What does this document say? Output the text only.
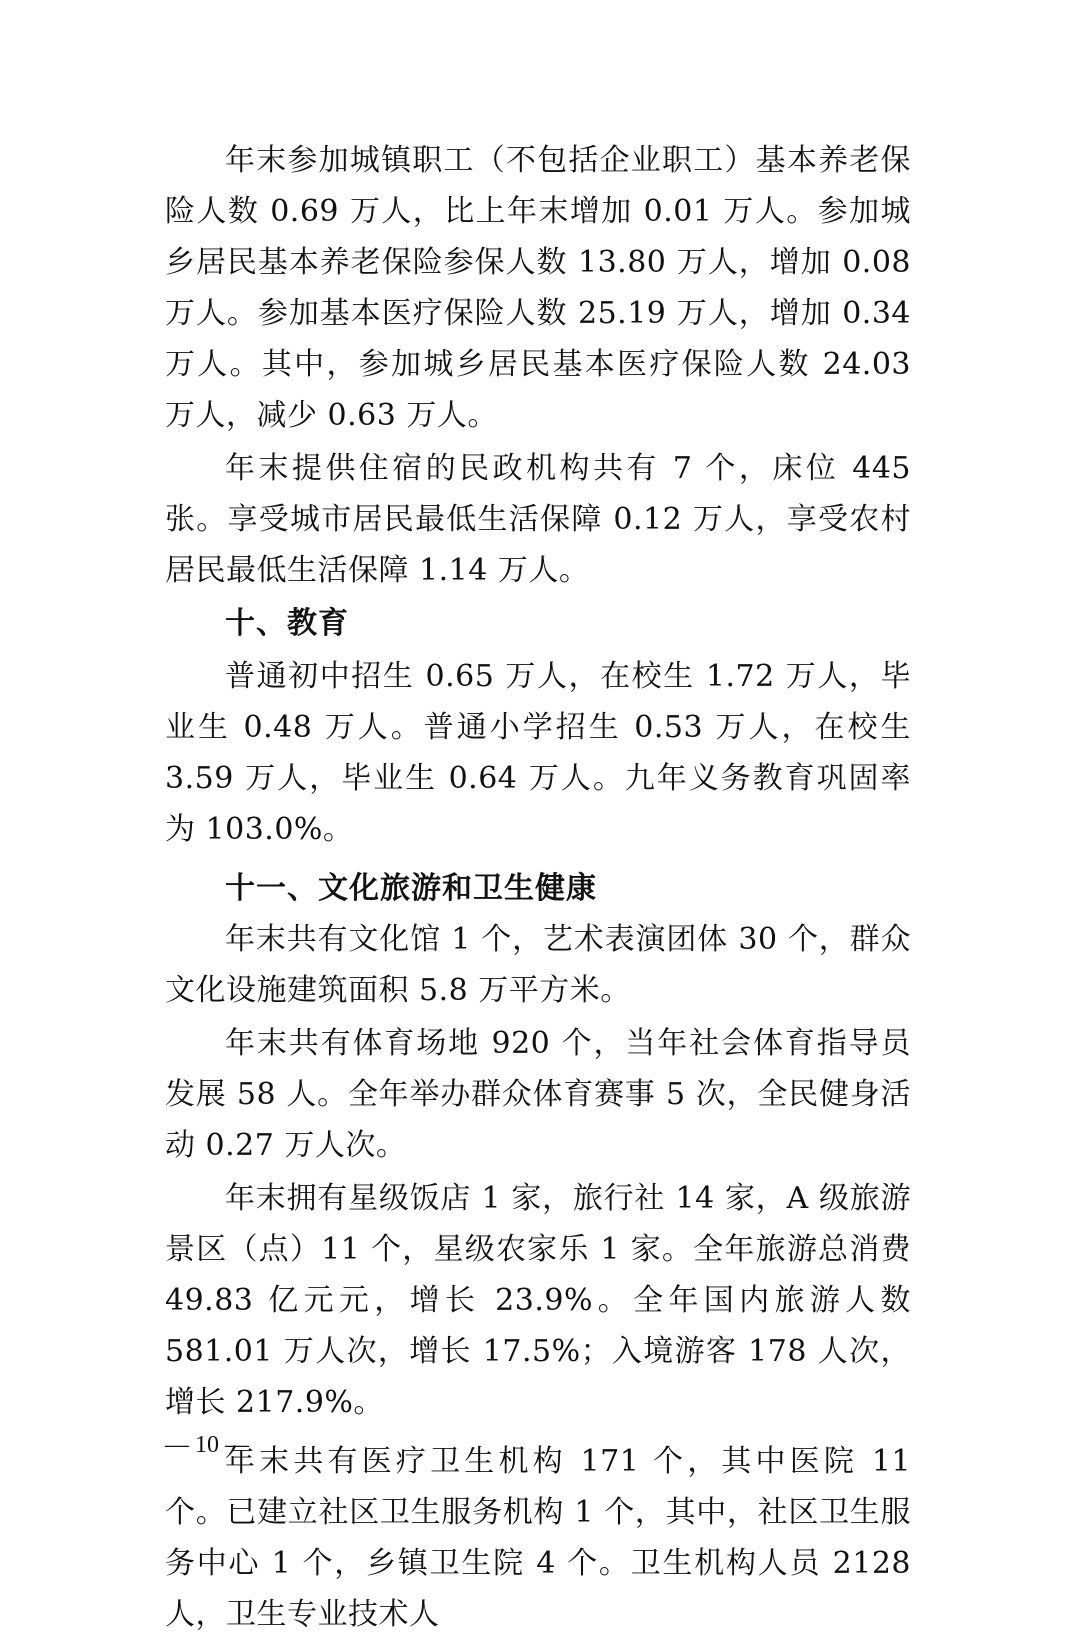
年末参加城镇职工（不包括企业职工）基本养老保险人数 0.69 万人，比上年末增加 0.01 万人。参加城乡居民基本养老保险参保人数 13.80 万人，增加 0.08 万人。参加基本医疗保险人数 25.19 万人，增加 0.34 万人。其中，参加城乡居民基本医疗保险人数 24.03 万人，减少 0.63 万人。

年末提供住宿的民政机构共有 7 个，床位 445 张。享受城市居民最低生活保障 0.12 万人，享受农村居民最低生活保障 1.14 万人。

十、教育

普通初中招生 0.65 万人，在校生 1.72 万人，毕业生 0.48 万人。普通小学招生 0.53 万人，在校生 3.59 万人，毕业生 0.64 万人。九年义务教育巩固率为 103.0%。

十一、文化旅游和卫生健康

年末共有文化馆 1 个，艺术表演团体 30 个，群众文化设施建筑面积 5.8 万平方米。

年末共有体育场地 920 个，当年社会体育指导员发展 58 人。全年举办群众体育赛事 5 次，全民健身活动 0.27 万人次。

年末拥有星级饭店 1 家，旅行社 14 家，A 级旅游景区（点）11 个，星级农家乐 1 家。全年旅游总消费 49.83 亿元元，增长 23.9%。全年国内旅游人数 581.01 万人次，增长 17.5%；入境游客 178 人次，增长 217.9%。

年末共有医疗卫生机构 171 个，其中医院 11 个。已建立社区卫生服务机构 1 个，其中，社区卫生服务中心 1 个，乡镇卫生院 4 个。卫生机构人员 2128 人，卫生专业技术人

— 10 —
